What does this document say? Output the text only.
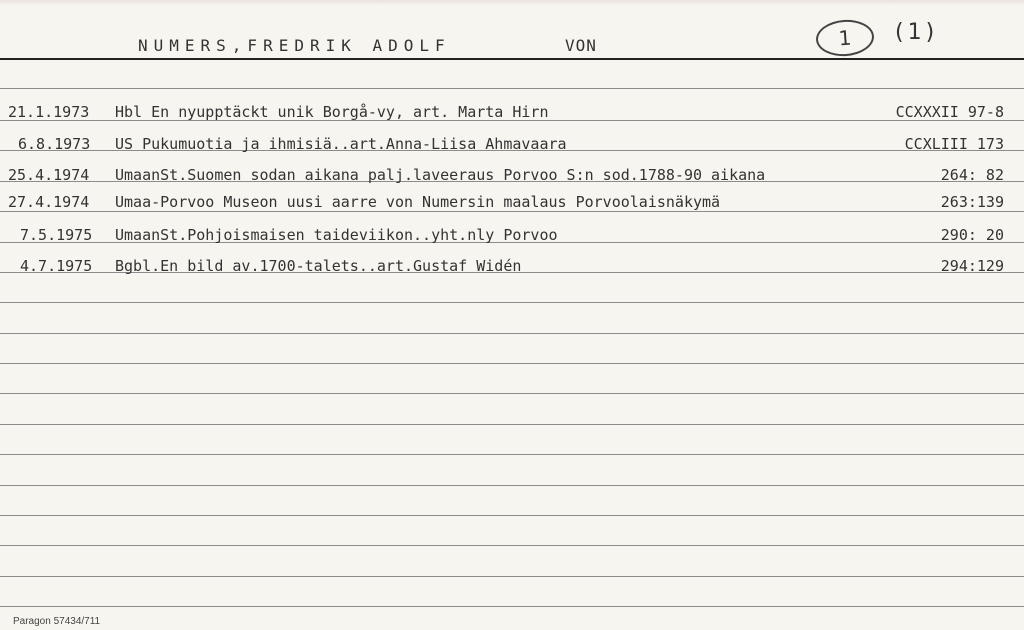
NUMERS,FREDRIK ADOLF	VON	1	(1)
21.1.1973 Hbl En nyupptäckt unik Borgå-vy, art. Marta Hirn	CCXXXII 97-8
6.8.1973 US Pukumuotia ja ihmisiä..art.Anna-Liisa Ahmavaara	CCXLIII 173
25.4.1974 UmaanSt.Suomen sodan aikana palj.laveeraus Porvoo S:n sod.1788-90 aikana	264: 82
27.4.1974 Umaa-Porvoo Museon uusi aarre von Numersin maalaus Porvoolaisnäkymä	263:139
7.5.1975 UmaanSt.Pohjoismaisen taideviikon..yht.nly Porvoo	290: 20
4.7.1975 Bgbl.En bild av.1700-talets..art.Gustaf Widén	294:129
Paragon 57434/711
